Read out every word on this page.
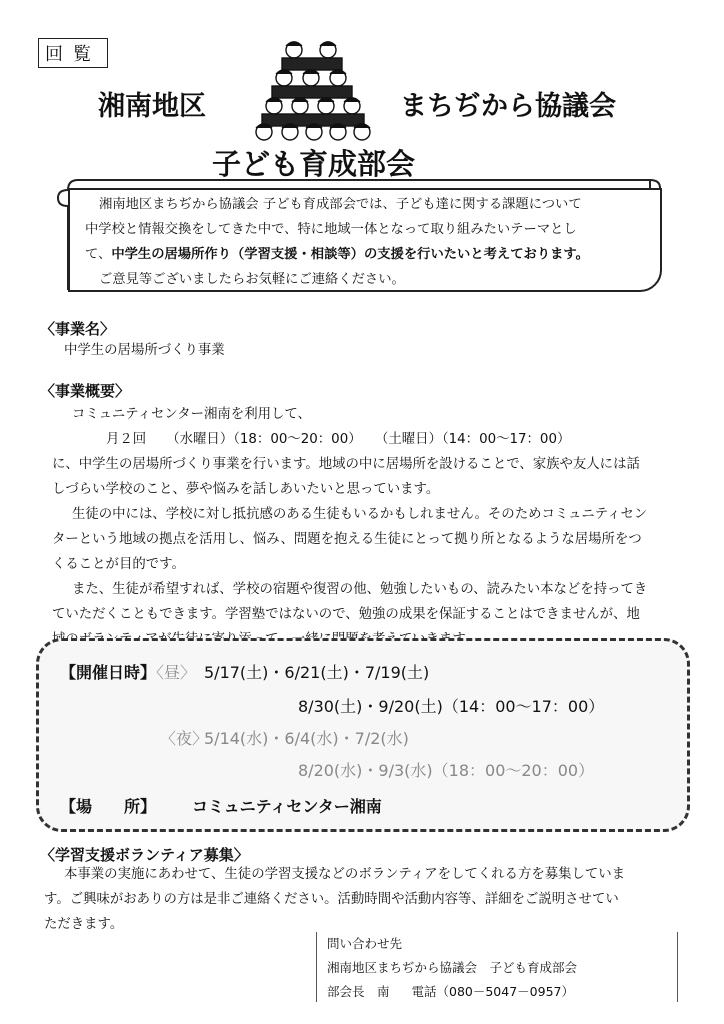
回覧
湘南地区	まちぢから協議会
子ども育成部会
湘南地区まちぢから協議会 子ども育成部会では、子ども達に関する課題について
中学校と情報交換をしてきた中で、特に地域一体となって取り組みたいテーマとし
て、中学生の居場所作り（学習支援・相談等）の支援を行いたいと考えております。
ご意見等ございましたらお気軽にご連絡ください。
〈事業名〉
中学生の居場所づくり事業
〈事業概要〉
コミュニティセンター湘南を利用して、
月２回　　（水曜日）（18：00～20：00）　　（土曜日）（14：00～17：00）
に、中学生の居場所づくり事業を行います。地域の中に居場所を設けることで、家族や友人には話
しづらい学校のこと、夢や悩みを話しあいたいと思っています。
生徒の中には、学校に対し抵抗感のある生徒もいるかもしれません。そのためコミュニティセン
ターという地域の拠点を活用し、悩み、問題を抱える生徒にとって拠り所となるような居場所をつ
くることが目的です。
また、生徒が希望すれば、学校の宿題や復習の他、勉強したいもの、読みたい本などを持ってき
ていただくこともできます。学習塾ではないので、勉強の成果を保証することはできませんが、地
【開催日時】〈昼〉 5/17(土)・6/21(土)・7/19(土)
8/30(土)・9/20(土)（14：00～17：00）
〈夜〉
5/14(水)・6/4(水)・7/2(水)
8/20(水)・9/3(水)（18：00～20：00）
【場　　所】 コミュニティセンター湘南
〈学習支援ボランティア募集〉
本事業の実施にあわせて、生徒の学習支援などのボランティアをしてくれる方を募集していま
す。ご興味がおありの方は是非ご連絡ください。活動時間や活動内容等、詳細をご説明させてい
ただきます。
問い合わせ先
湘南地区まちぢから協議会　子ども育成部会
部会長　南 電話（080－5047－0957）
